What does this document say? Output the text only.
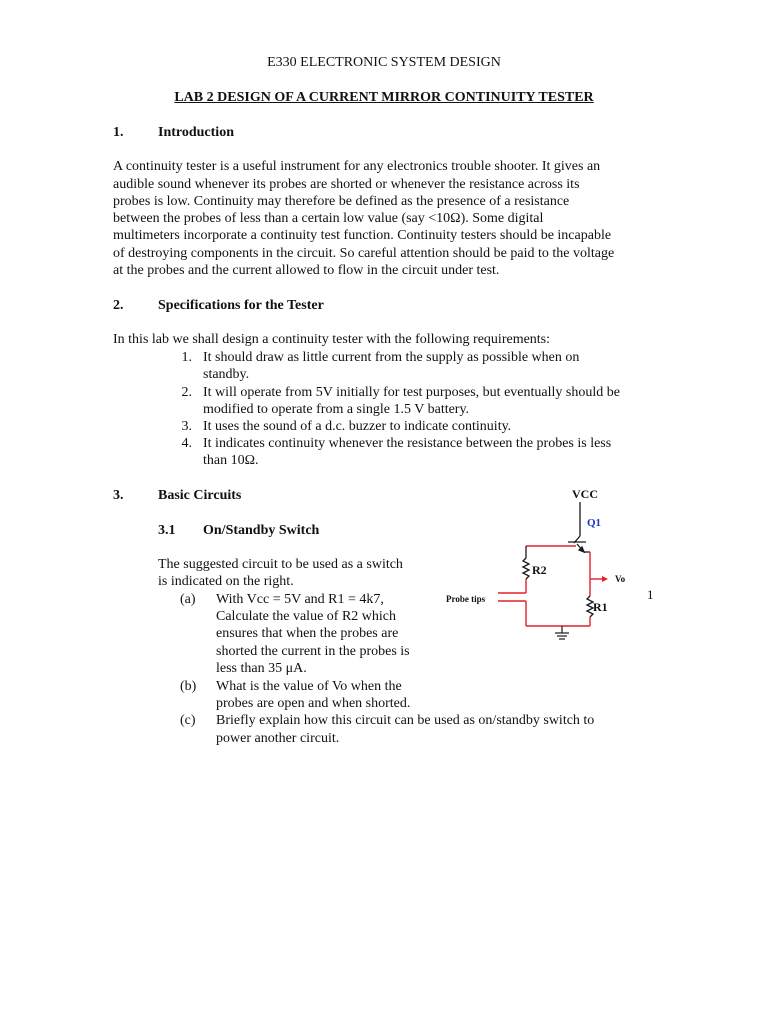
E330 ELECTRONIC SYSTEM DESIGN
LAB 2 DESIGN OF A CURRENT MIRROR CONTINUITY TESTER
1. Introduction
A continuity tester is a useful instrument for any electronics trouble shooter. It gives an
audible sound whenever its probes are shorted or whenever the resistance across its
probes is low. Continuity may therefore be defined as the presence of a resistance
between the probes of less than a certain low value (say <10Ω). Some digital
multimeters incorporate a continuity test function. Continuity testers should be incapable
of destroying components in the circuit. So careful attention should be paid to the voltage
at the probes and the current allowed to flow in the circuit under test.
2. Specifications for the Tester
In this lab we shall design a continuity tester with the following requirements:
1. It should draw as little current from the supply as possible when on
standby.
2. It will operate from 5V initially for test purposes, but eventually should be
modified to operate from a single 1.5 V battery.
3. It uses the sound of a d.c. buzzer to indicate continuity.
4. It indicates continuity whenever the resistance between the probes is less
than 10Ω.
3. Basic Circuits
3.1 On/Standby Switch
The suggested circuit to be used as a switch
is indicated on the right.
(a) With Vcc = 5V and R1 = 4k7,
Calculate the value of R2 which
ensures that when the probes are
shorted the current in the probes is
less than 35 μA.
(b) What is the value of Vo when the
probes are open and when shorted.
(c) Briefly explain how this circuit can be used as on/standby switch to
power another circuit.
VCC
Q1
R2
Probe tips
Vo
R1
1
